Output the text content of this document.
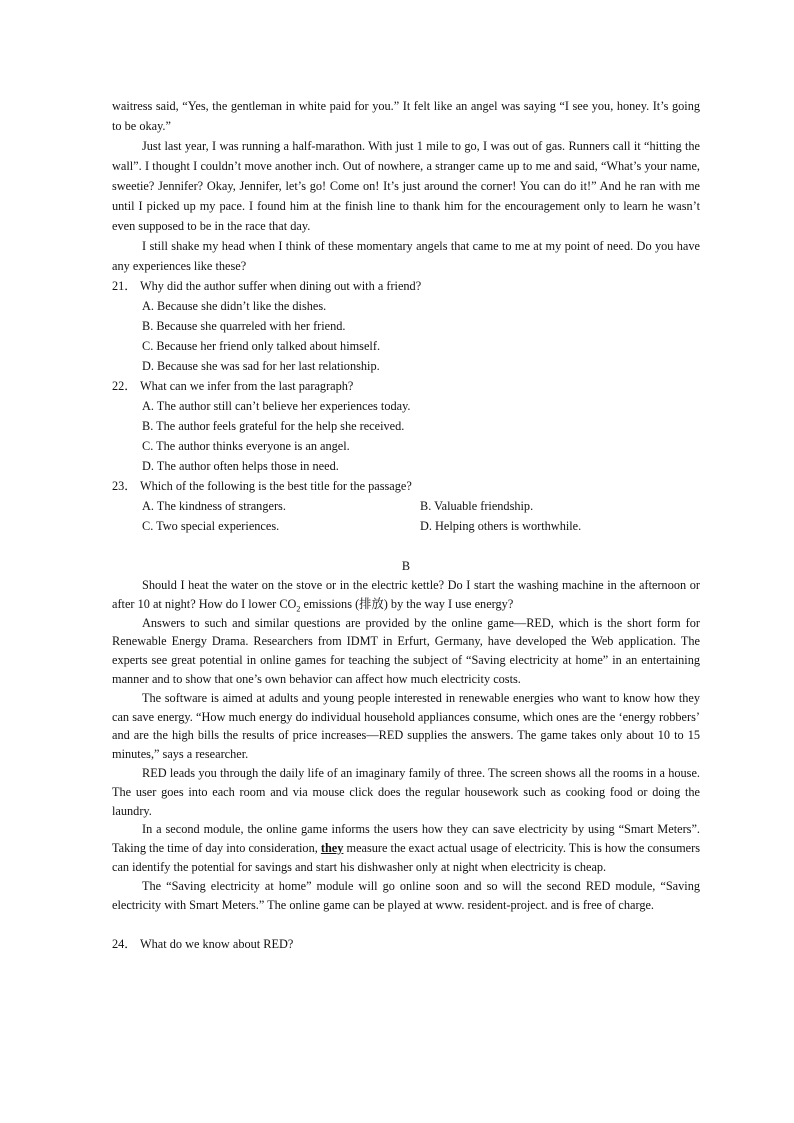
waitress said, “Yes, the gentleman in white paid for you.” It felt like an angel was saying “I see you, honey. It’s going to be okay.”

Just last year, I was running a half-marathon. With just 1 mile to go, I was out of gas. Runners call it “hitting the wall”. I thought I couldn’t move another inch. Out of nowhere, a stranger came up to me and said, “What’s your name, sweetie? Jennifer? Okay, Jennifer, let’s go! Come on! It’s just around the corner! You can do it!” And he ran with me until I picked up my pace. I found him at the finish line to thank him for the encouragement only to learn he wasn’t even supposed to be in the race that day.

I still shake my head when I think of these momentary angels that came to me at my point of need. Do you have any experiences like these?

21． Why did the author suffer when dining out with a friend?

A. Because she didn’t like the dishes.

B. Because she quarreled with her friend.

C. Because her friend only talked about himself.

D. Because she was sad for her last relationship.

22． What can we infer from the last paragraph?

A. The author still can’t believe her experiences today.

B. The author feels grateful for the help she received.

C. The author thinks everyone is an angel.

D. The author often helps those in need.

23． Which of the following is the best title for the passage?
A. The kindness of strangers.	B. Valuable friendship.
C. Two special experiences.	D. Helping others is worthwhile.

B

Should I heat the water on the stove or in the electric kettle? Do I start the washing machine in the afternoon or after 10 at night? How do I lower $CO_2$ emissions (排放) by the way I use energy?

Answers to such and similar questions are provided by the online game—RED, which is the short form for Renewable Energy Drama. Researchers from IDMT in Erfurt, Germany, have developed the Web application. The experts see great potential in online games for teaching the subject of “Saving electricity at home” in an entertaining manner and to show that one’s own behavior can affect how much electricity costs.

The software is aimed at adults and young people interested in renewable energies who want to know how they can save energy. “How much energy do individual household appliances consume, which ones are the ‘energy robbers’ and are the high bills the results of price increases—RED supplies the answers. The game takes only about 10 to 15 minutes,” says a researcher.

RED leads you through the daily life of an imaginary family of three. The screen shows all the rooms in a house. The user goes into each room and via mouse click does the regular housework such as cooking food or doing the laundry.

In a second module, the online game informs the users how they can save electricity by using “Smart Meters”. Taking the time of day into consideration, they measure the exact actual usage of electricity. This is how the consumers can identify the potential for savings and start his dishwasher only at night when electricity is cheap.

The “Saving electricity at home” module will go online soon and so will the second RED module, “Saving electricity with Smart Meters.” The online game can be played at www. resident-project. and is free of charge.

24． What do we know about RED?
